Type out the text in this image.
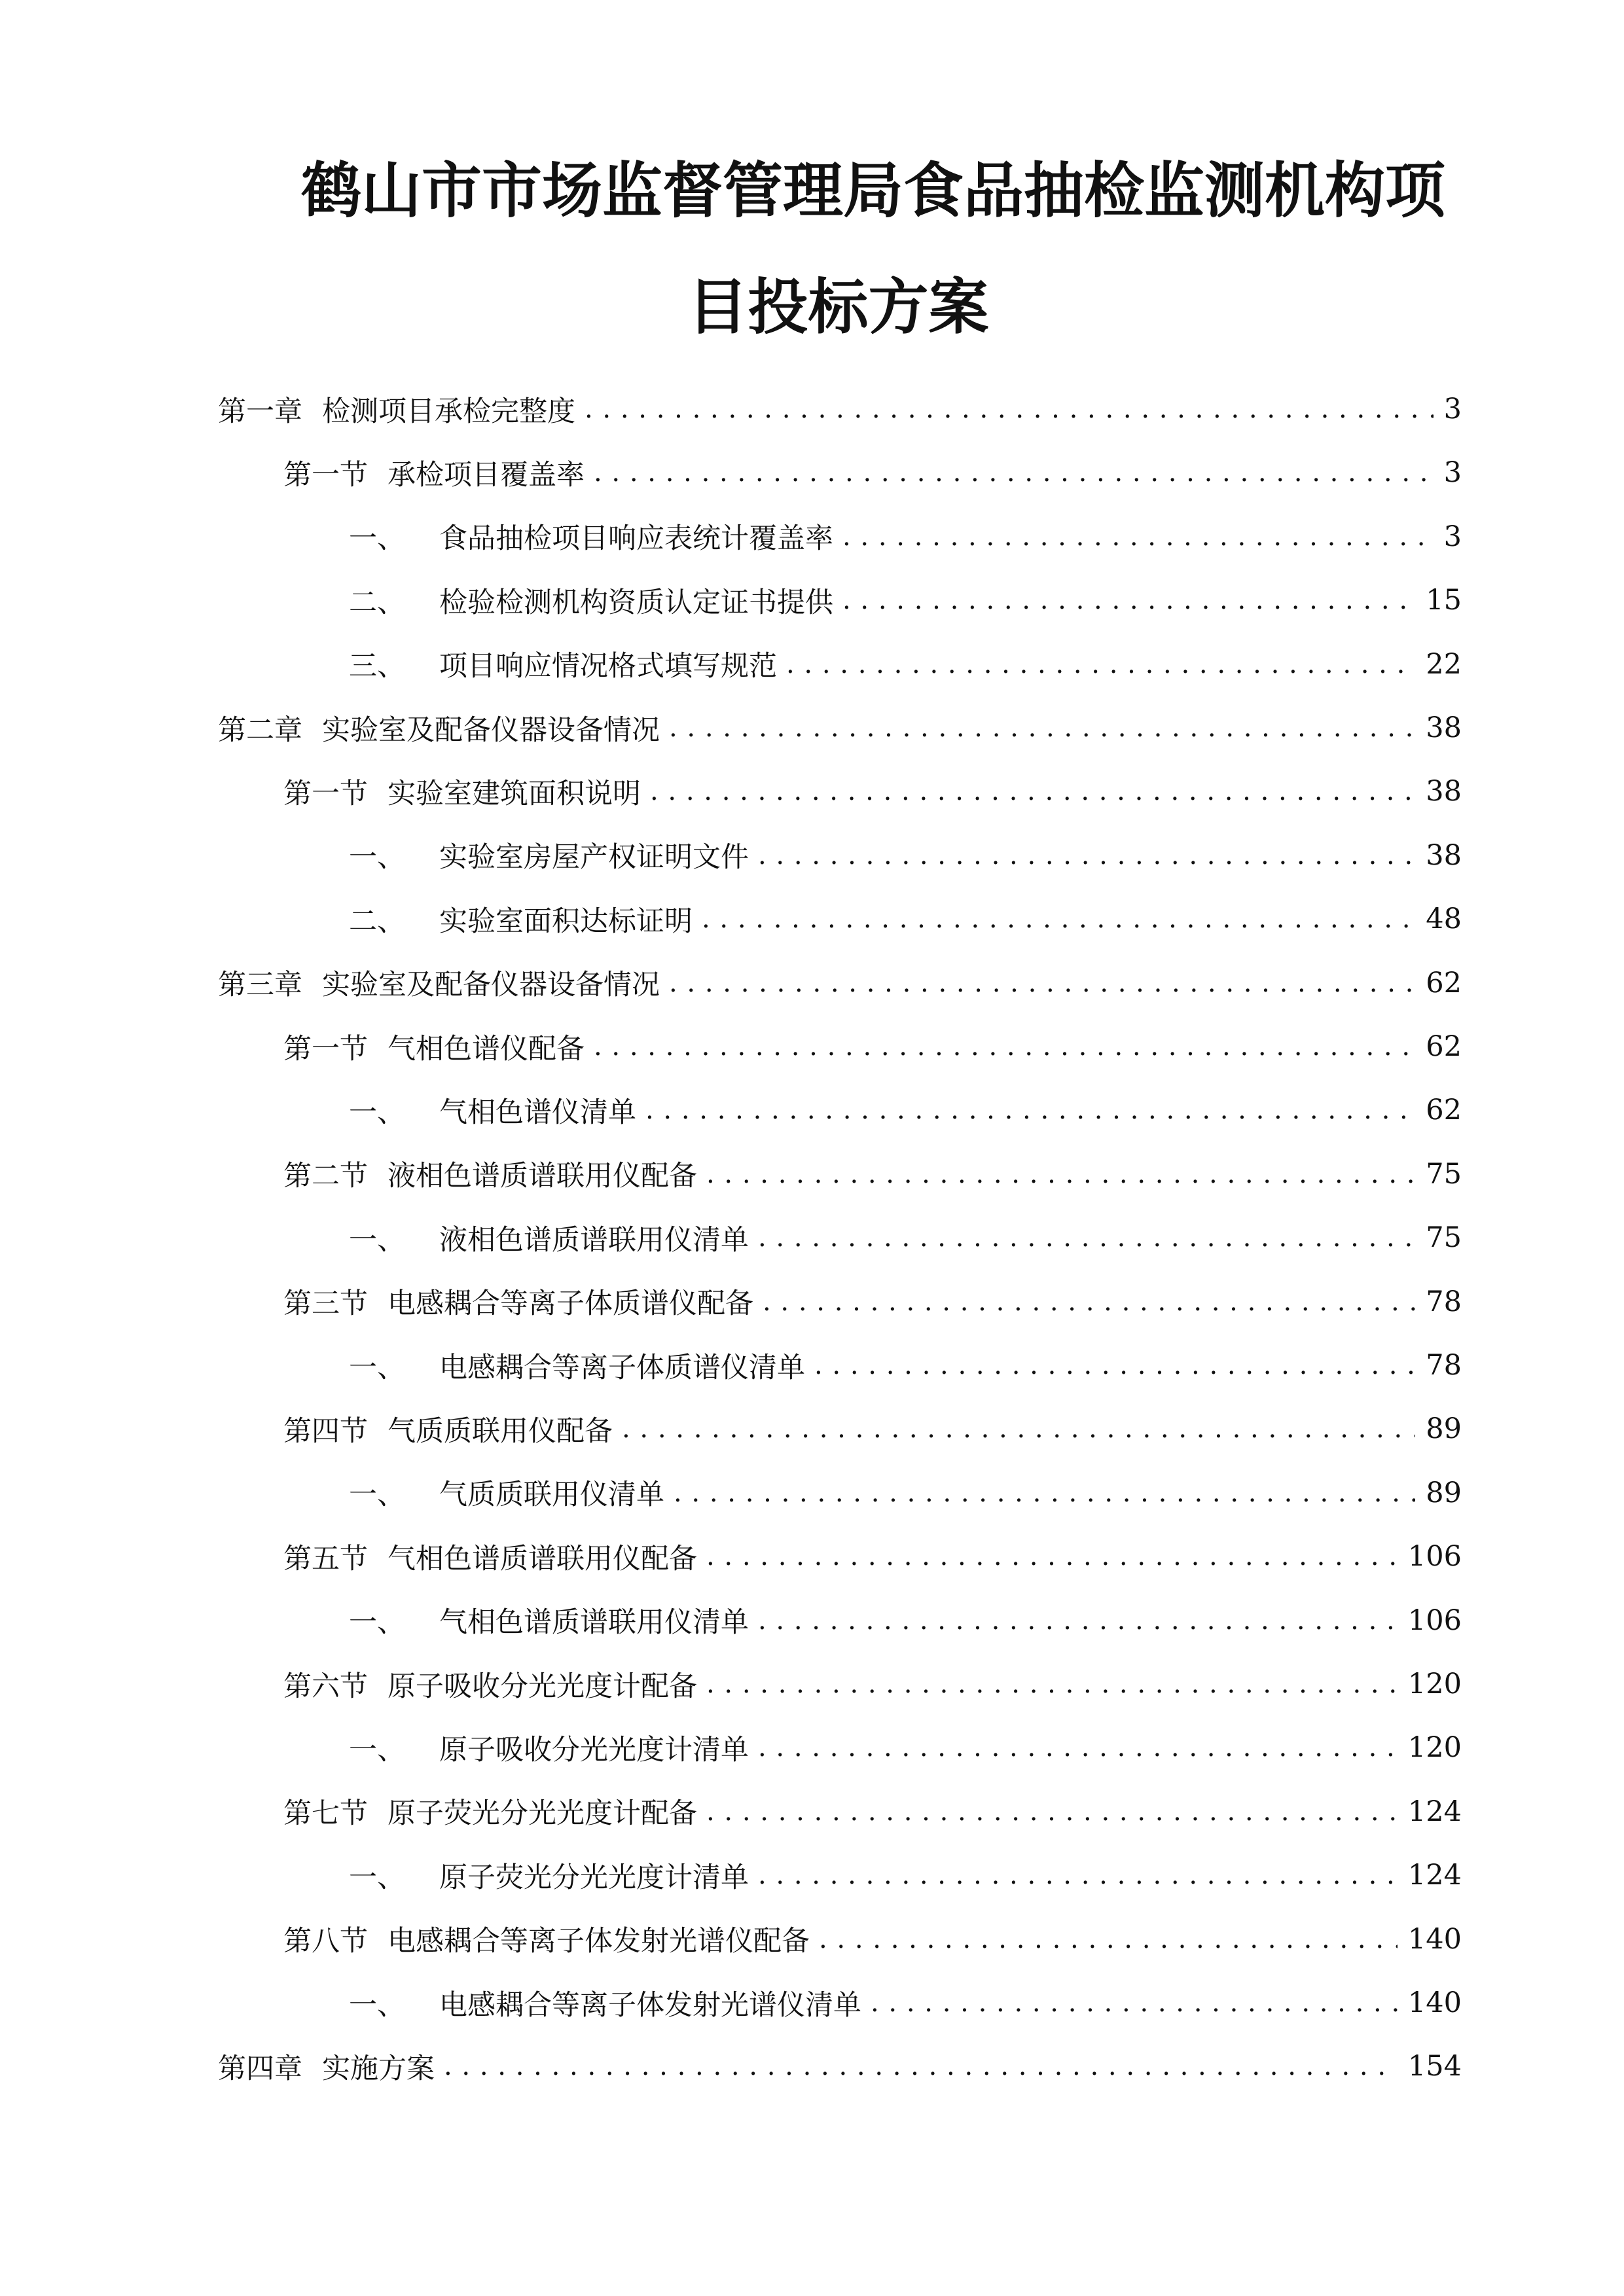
鹤山市市场监督管理局食品抽检监测机构项
目投标方案
第一章 检测项目承检完整度 . . .	3
第一节 承检项目覆盖率 . . .	3
一、 食品抽检项目响应表统计覆盖率 . . .	3
二、 检验检测机构资质认定证书提供 . . .	15
三、 项目响应情况格式填写规范 . . .	22
第二章 实验室及配备仪器设备情况 . . .	38
第一节 实验室建筑面积说明 . . .	38
一、 实验室房屋产权证明文件 . . .	38
二、 实验室面积达标证明 . . .	48
第三章 实验室及配备仪器设备情况 . . .	62
第一节 气相色谱仪配备 . . .	62
一、 气相色谱仪清单 . . .	62
第二节 液相色谱质谱联用仪配备 . . .	75
一、 液相色谱质谱联用仪清单 . . .	75
第三节 电感耦合等离子体质谱仪配备 . . .	78
一、 电感耦合等离子体质谱仪清单 . . .	78
第四节 气质质联用仪配备 . . .	89
一、 气质质联用仪清单 . . .	89
第五节 气相色谱质谱联用仪配备 . . .	106
一、 气相色谱质谱联用仪清单 . . .	106
第六节 原子吸收分光光度计配备 . . .	120
一、 原子吸收分光光度计清单 . . .	120
第七节 原子荧光分光光度计配备 . . .	124
一、 原子荧光分光光度计清单 . . .	124
第八节 电感耦合等离子体发射光谱仪配备 . . .	140
一、 电感耦合等离子体发射光谱仪清单 . . .	140
第四章 实施方案 . . .	154
